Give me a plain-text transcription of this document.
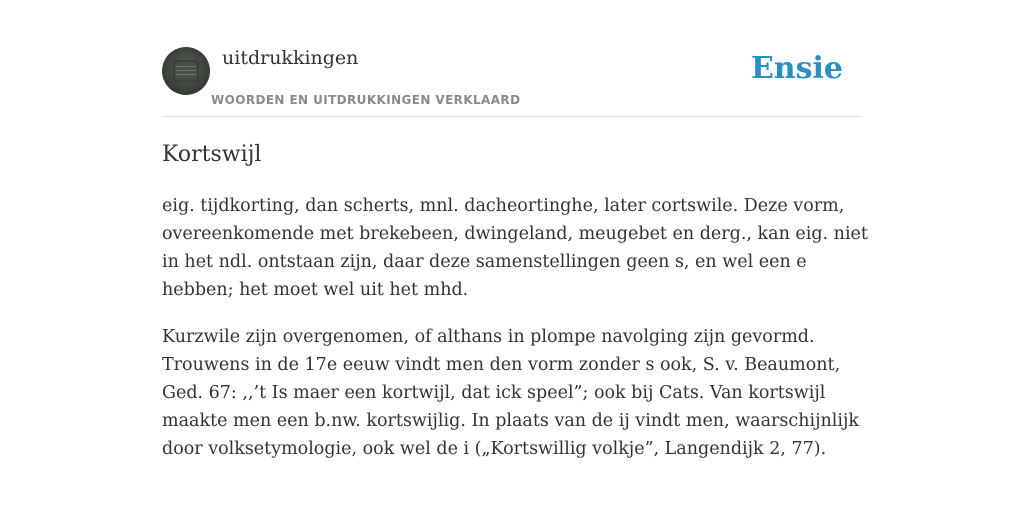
uitdrukkingen
WOORDEN EN UITDRUKKINGEN VERKLAARD
Ensie
Kortswijl

eig. tijdkorting, dan scherts, mnl. dacheortinghe, later cortswile. Deze vorm, overeenkomende met brekebeen, dwingeland, meugebet en derg., kan eig. niet in het ndl. ontstaan zijn, daar deze samenstellingen geen s, en wel een e hebben; het moet wel uit het mhd.

Kurzwile zijn overgenomen, of althans in plompe navolging zijn gevormd. Trouwens in de 17e eeuw vindt men den vorm zonder s ook, S. v. Beaumont, Ged. 67: ,,’t Is maer een kortwijl, dat ick speel”; ook bij Cats. Van kortswijl maakte men een b.nw. kortswijlig. In plaats van de ij vindt men, waarschijnlijk door volksetymologie, ook wel de i („Kortswillig volkje”, Langendijk 2, 77).
